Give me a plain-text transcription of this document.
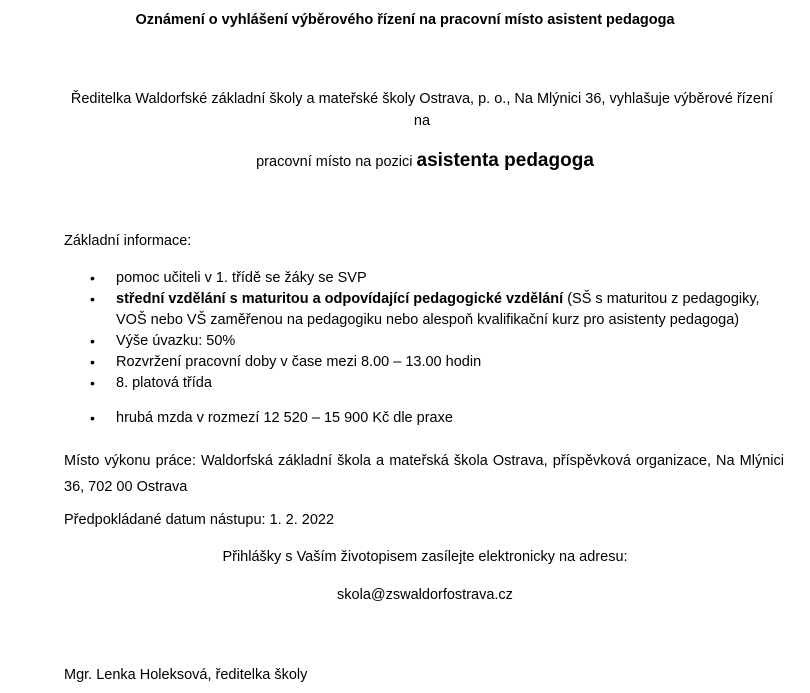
Oznámení o vyhlášení výběrového řízení na pracovní místo asistent pedagoga
Ředitelka Waldorfské základní školy a mateřské školy Ostrava, p. o., Na Mlýnici 36, vyhlašuje výběrové řízení na
pracovní místo na pozici asistenta pedagoga
Základní informace:
• pomoc učiteli v 1. třídě se žáky se SVP
• střední vzdělání s maturitou a odpovídající pedagogické vzdělání (SŠ s maturitou z pedagogiky, VOŠ nebo VŠ zaměřenou na pedagogiku nebo alespoň kvalifikační kurz pro asistenty pedagoga)
• Výše úvazku: 50%
• Rozvržení pracovní doby v čase mezi 8.00 – 13.00 hodin
• 8. platová třída
• hrubá mzda v rozmezí 12 520 – 15 900 Kč dle praxe
Místo výkonu práce: Waldorfská základní škola a mateřská škola Ostrava, příspěvková organizace, Na Mlýnici 36, 702 00 Ostrava
Předpokládané datum nástupu: 1. 2. 2022
Přihlášky s Vaším životopisem zasílejte elektronicky na adresu:
skola@zswaldorfostrava.cz
Mgr. Lenka Holeksová, ředitelka školy
